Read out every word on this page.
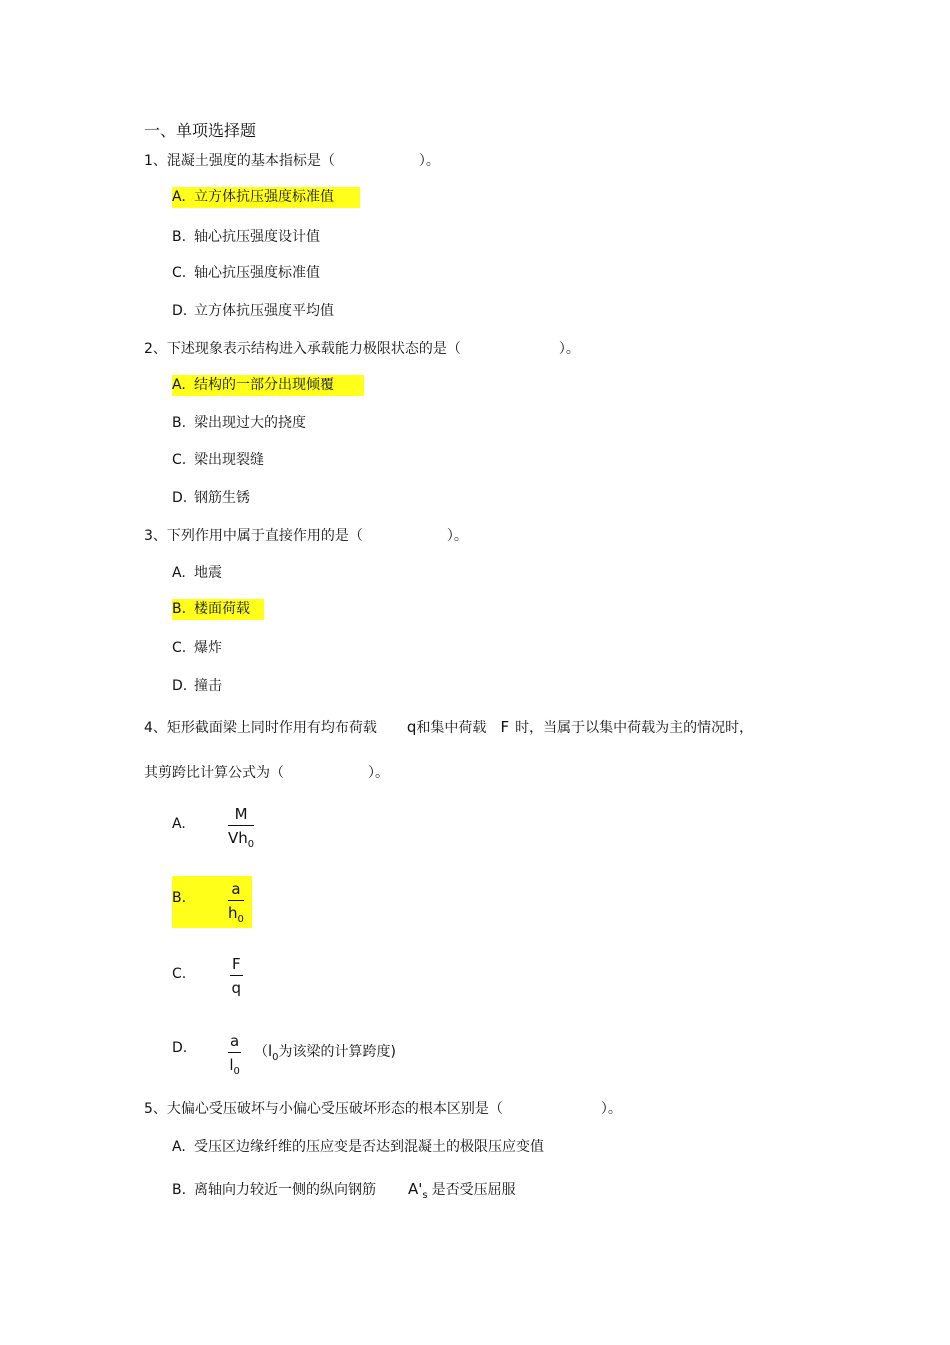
一、单项选择题
1、混凝土强度的基本指标是（　　　　　　）。
A. 立方体抗压强度标准值
B. 轴心抗压强度设计值
C. 轴心抗压强度标准值
D. 立方体抗压强度平均值
2、下述现象表示结构进入承载能力极限状态的是（　　　　　　　）。
A. 结构的一部分出现倾覆
B. 梁出现过大的挠度
C. 梁出现裂缝
D. 钢筋生锈
3、下列作用中属于直接作用的是（　　　　　　）。
A. 地震
B. 楼面荷载
C. 爆炸
D. 撞击
4、矩形截面梁上同时作用有均布荷载 q和集中荷载 F 时，当属于以集中荷载为主的情况时，
其剪跨比计算公式为（　　　　　　）。
A.	$\frac{M}{Vh_0}$
B.	$\frac{a}{h_0}$
C.	$\frac{F}{q}$
D.	$\frac{a}{l_0} (l_0$为该梁的计算跨度)
5、大偏心受压破坏与小偏心受压破坏形态的根本区别是（　　　　　　　）。
A. 受压区边缘纤维的压应变是否达到混凝土的极限压应变值
B. 离轴向力较近一侧的纵向钢筋 $A'_s$ 是否受压屈服
